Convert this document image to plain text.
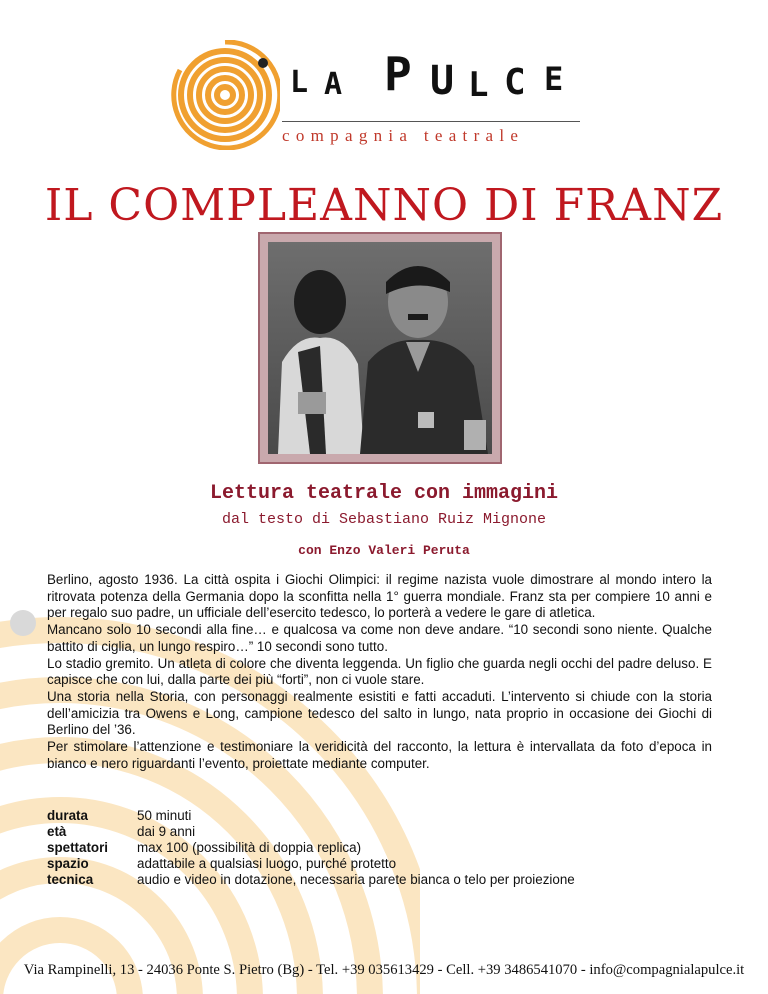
L A P U L C E
compagnia teatrale
IL COMPLEANNO DI FRANZ
Lettura teatrale con immagini
dal testo di Sebastiano Ruiz Mignone
con Enzo Valeri Peruta

Berlino, agosto 1936. La città ospita i Giochi Olimpici: il regime nazista vuole dimostrare al mondo intero la ritrovata potenza della Germania dopo la sconfitta nella 1° guerra mondiale. Franz sta per compiere 10 anni e per regalo suo padre, un ufficiale dell’esercito tedesco, lo porterà a vedere le gare di atletica.

Mancano solo 10 secondi alla fine… e qualcosa va come non deve andare. “10 secondi sono niente. Qualche battito di ciglia, un lungo respiro…” 10 secondi sono tutto.

Lo stadio gremito. Un atleta di colore che diventa leggenda. Un figlio che guarda negli occhi del padre deluso. E capisce che con lui, dalla parte dei più “forti”, non ci vuole stare.

Una storia nella Storia, con personaggi realmente esistiti e fatti accaduti. L’intervento si chiude con la storia dell’amicizia tra Owens e Long, campione tedesco del salto in lungo, nata proprio in occasione dei Giochi di Berlino del ’36.

Per stimolare l’attenzione e testimoniare la veridicità del racconto, la lettura è intervallata da foto d’epoca in bianco e nero riguardanti l’evento, proiettate mediante computer.

durata	50 minuti
età	dai 9 anni
spettatori	max 100 (possibilità di doppia replica)
spazio	adattabile a qualsiasi luogo, purché protetto
tecnica	audio e video in dotazione, necessaria parete bianca o telo per proiezione
Via Rampinelli, 13 - 24036 Ponte S. Pietro (Bg) - Tel. +39 035613429 - Cell. +39 3486541070 - info@compagnialapulce.it
